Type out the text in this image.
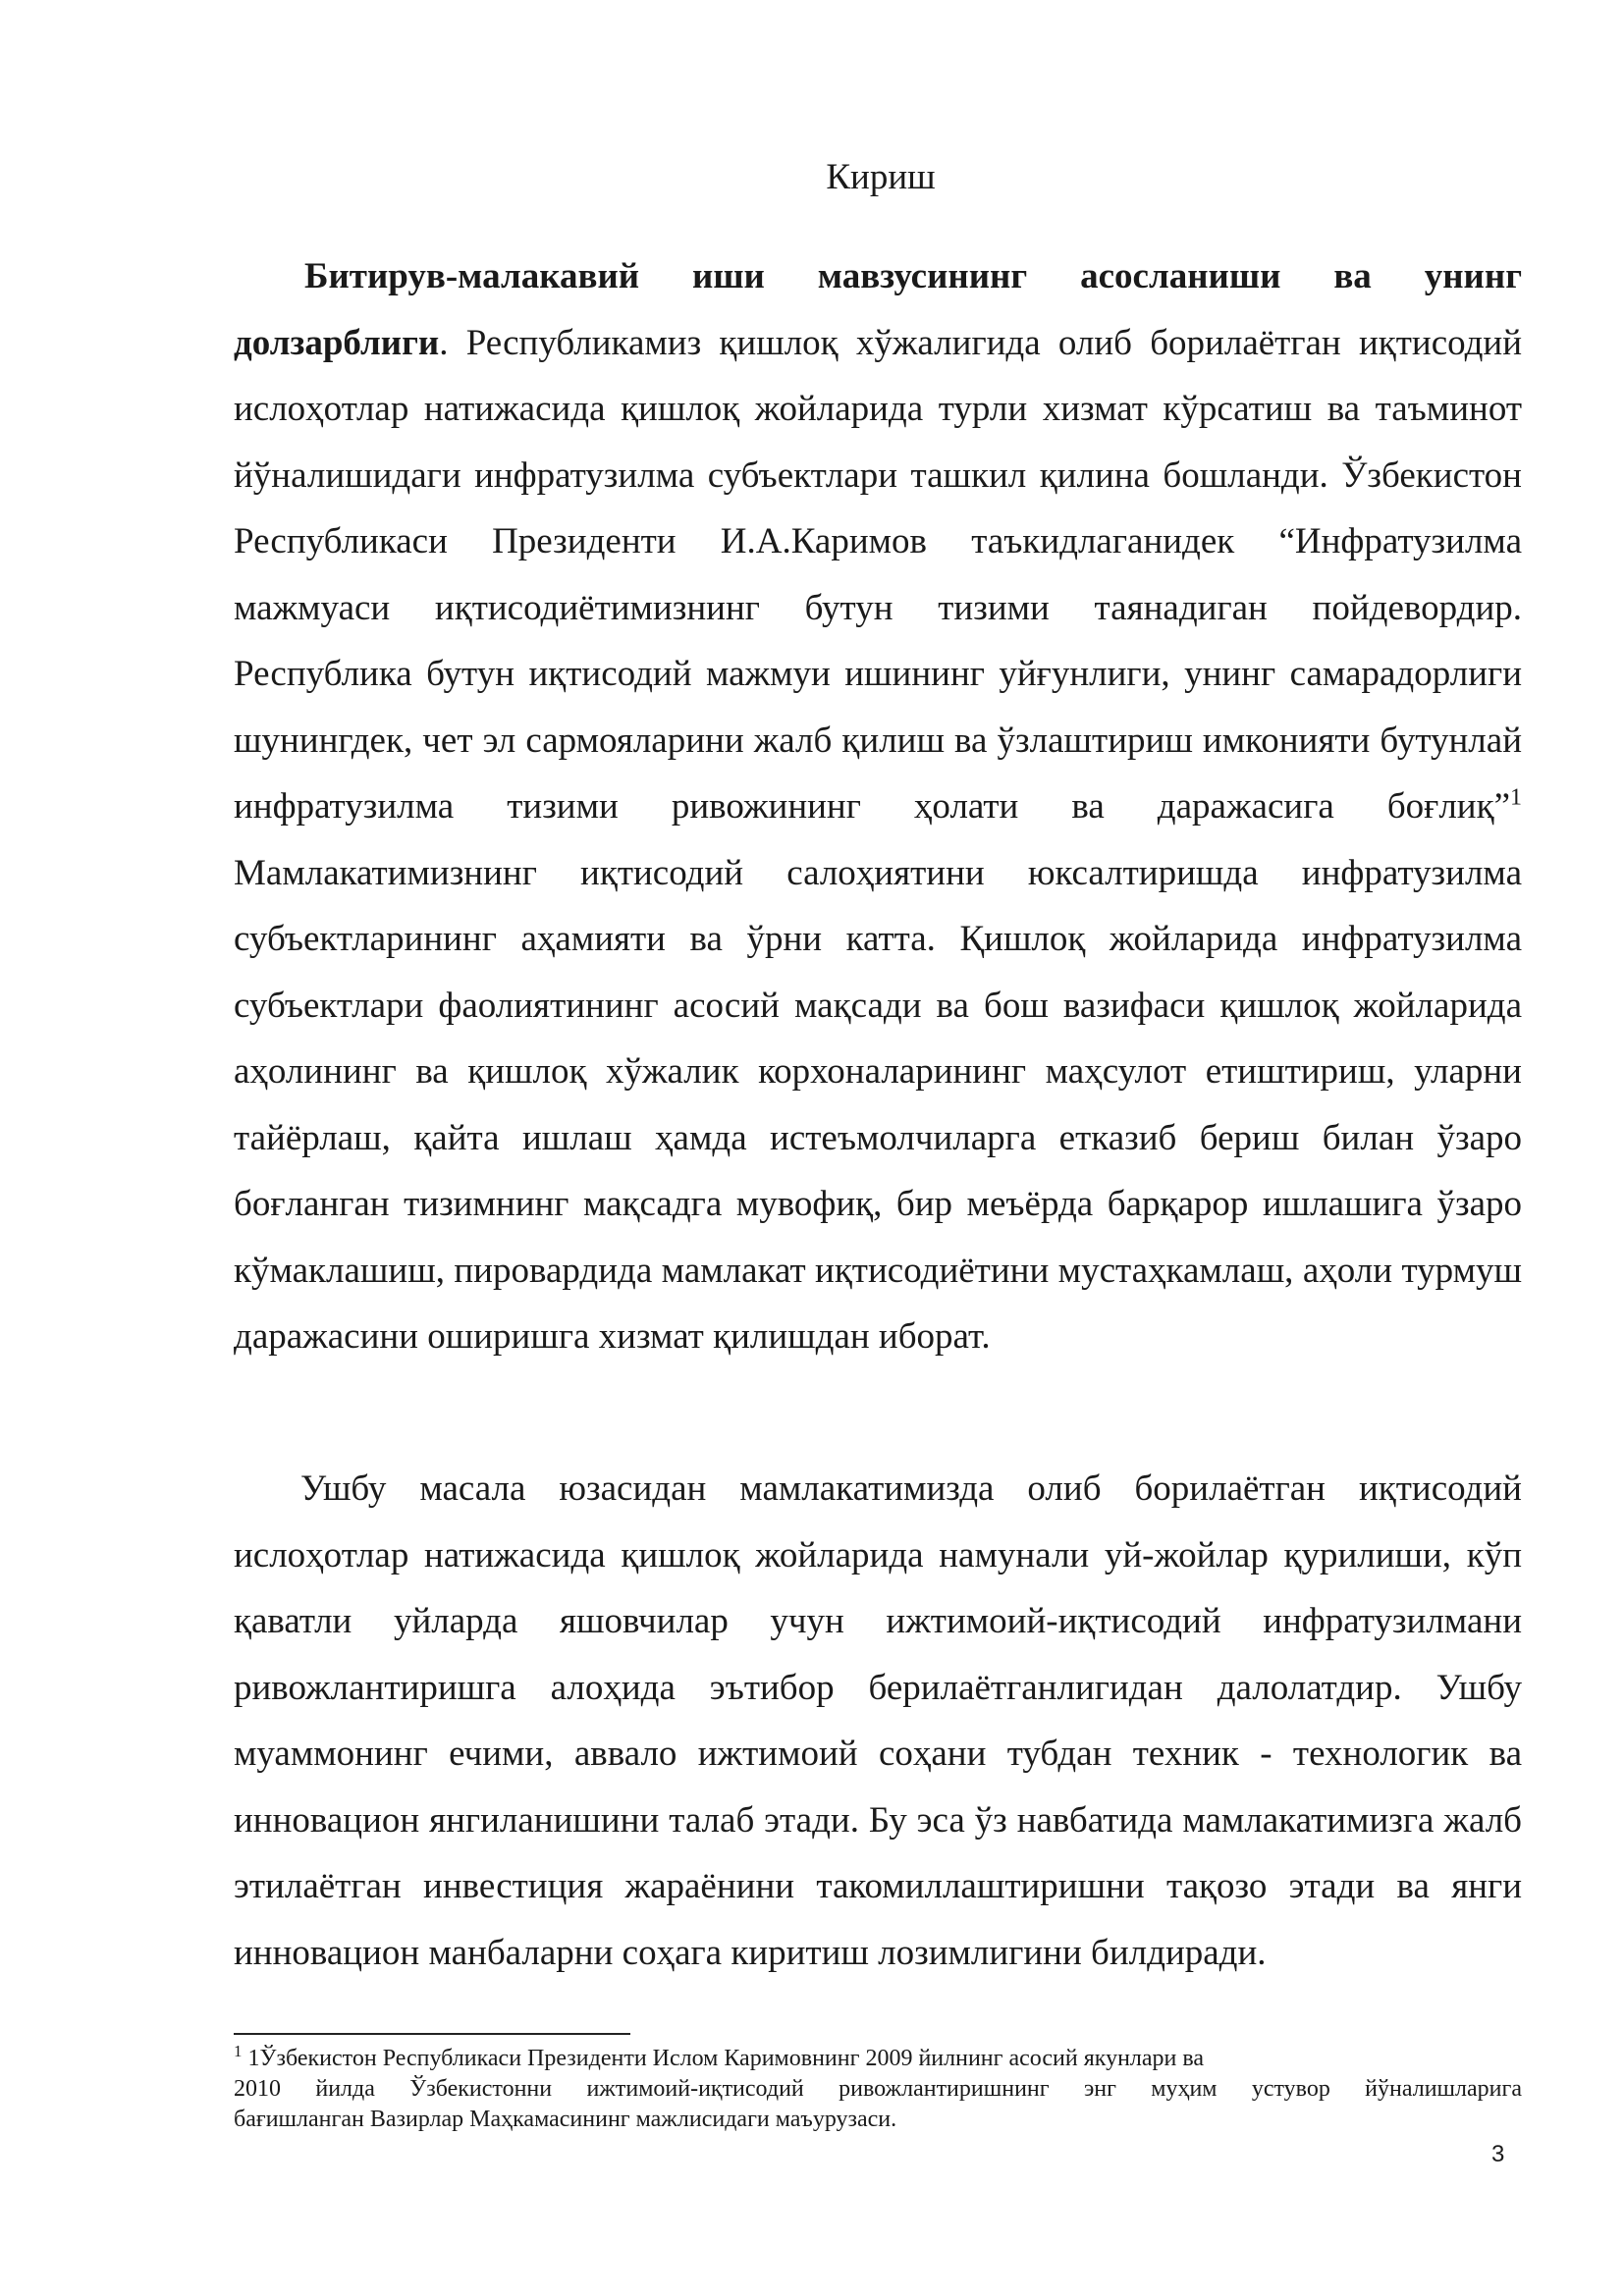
Кириш

Битирув-малакавий иши мавзусининг асосланиши ва унинг долзарблиги. Республикамиз қишлоқ хўжалигида олиб борилаётган иқтисодий ислоҳотлар натижасида қишлоқ жойларида турли хизмат кўрсатиш ва таъминот йўналишидаги инфратузилма субъектлари ташкил қилина бошланди. Ўзбекистон Республикаси Президенти И.А.Каримов таъкидлаганидек “Инфратузилма мажмуаси иқтисодиётимизнинг бутун тизими таянадиган пойдевордир. Республика бутун иқтисодий мажмуи ишининг уйғунлиги, унинг самарадорлиги шунингдек, чет эл сармояларини жалб қилиш ва ўзлаштириш имконияти бутунлай инфратузилма тизими ривожининг ҳолати ва даражасига боғлиқ”$^1$ Мамлакатимизнинг иқтисодий салоҳиятини юксалтиришда инфратузилма субъектларининг аҳамияти ва ўрни катта. Қишлоқ жойларида инфратузилма субъектлари фаолиятининг асосий мақсади ва бош вазифаси қишлоқ жойларида аҳолининг ва қишлоқ хўжалик корхоналарининг маҳсулот етиштириш, уларни тайёрлаш, қайта ишлаш ҳамда истеъмолчиларга етказиб бериш билан ўзаро боғланган тизимнинг мақсадга мувофиқ, бир меъёрда барқарор ишлашига ўзаро кўмаклашиш, пировардида мамлакат иқтисодиётини мустаҳкамлаш, аҳоли турмуш даражасини оширишга хизмат қилишдан иборат.

Ушбу масала юзасидан мамлакатимизда олиб борилаётган иқтисодий ислоҳотлар натижасида қишлоқ жойларида намунали уй-жойлар қурилиши, кўп қаватли уйларда яшовчилар учун ижтимоий-иқтисодий инфратузилмани ривожлантиришга алоҳида эътибор берилаётганлигидан далолатдир. Ушбу муаммонинг ечими, аввало ижтимоий соҳани тубдан техник - технологик ва инновацион янгиланишини талаб этади. Бу эса ўз навбатида мамлакатимизга жалб этилаётган инвестиция жараёнини такомиллаштиришни тақозо этади ва янги инновацион манбаларни соҳага киритиш лозимлигини билдиради.

$^1$ 1Ўзбекистон Республикаси Президенти Ислом Каримовнинг 2009 йилнинг асосий якунлари ва
2010 йилда Ўзбекистонни ижтимоий-иқтисодий ривожлантиришнинг энг муҳим устувор йўналишларига
бағишланган Вазирлар Маҳкамасининг мажлисидаги маъурузаси.

3
